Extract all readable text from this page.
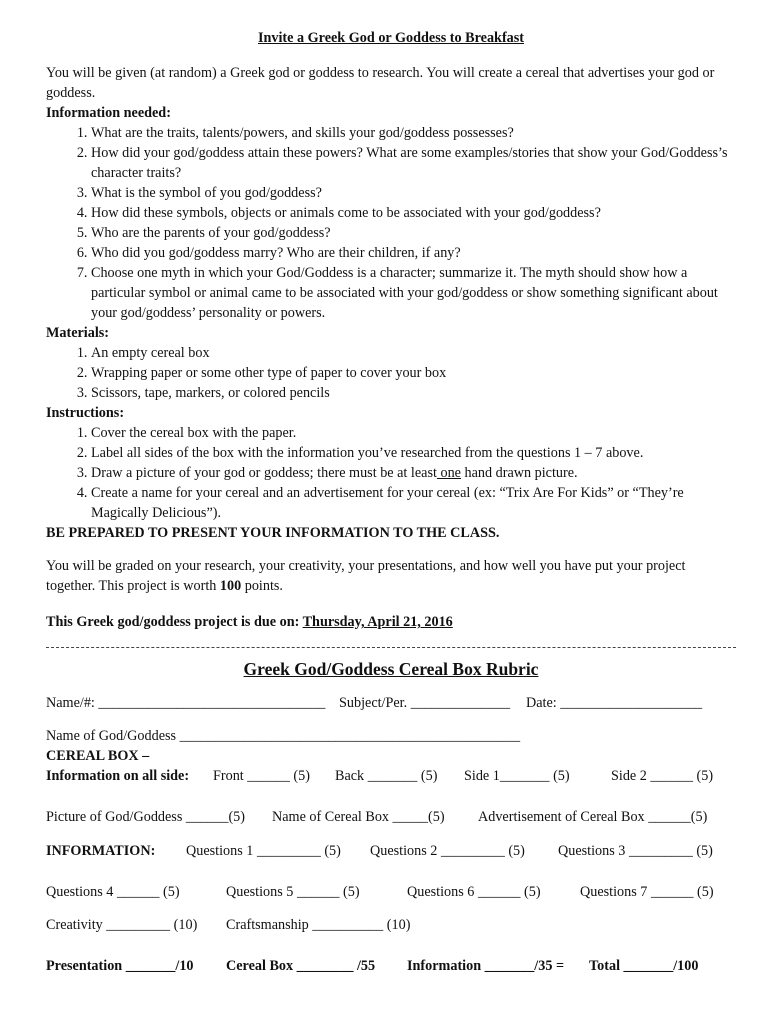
Invite a Greek God or Goddess to Breakfast

You will be given (at random) a Greek god or goddess to research. You will create a cereal that advertises your god or goddess.

Information needed:
1. What are the traits, talents/powers, and skills your god/goddess possesses?
2. How did your god/goddess attain these powers? What are some examples/stories that show your God/Goddess’s character traits?
3. What is the symbol of you god/goddess?
4. How did these symbols, objects or animals come to be associated with your god/goddess?
5. Who are the parents of your god/goddess?
6. Who did you god/goddess marry? Who are their children, if any?
7. Choose one myth in which your God/Goddess is a character; summarize it. The myth should show how a particular symbol or animal came to be associated with your god/goddess or show something significant about your god/goddess’ personality or powers.
Materials:
1. An empty cereal box
2. Wrapping paper or some other type of paper to cover your box
3. Scissors, tape, markers, or colored pencils
Instructions:
1. Cover the cereal box with the paper.
2. Label all sides of the box with the information you’ve researched from the questions 1 – 7 above.
3. Draw a picture of your god or goddess; there must be at least one hand drawn picture.
4. Create a name for your cereal and an advertisement for your cereal (ex: “Trix Are For Kids” or “They’re Magically Delicious”).
BE PREPARED TO PRESENT YOUR INFORMATION TO THE CLASS.

You will be graded on your research, your creativity, your presentations, and how well you have put your project together. This project is worth 100 points.

This Greek god/goddess project is due on: Thursday, April 21, 2016

Greek God/Goddess Cereal Box Rubric
Name/#: ________________________________ Subject/Per. ______________ Date: ____________________
Name of God/Goddess ________________________________________________
CEREAL BOX –
Information on all side: Front ______ (5) Back _______ (5) Side 1_______ (5)	Side 2 ______ (5)
Picture of God/Goddess ______(5) Name of Cereal Box _____(5) Advertisement of Cereal Box ______(5)
INFORMATION: Questions 1 _________ (5) Questions 2 _________ (5) Questions 3 _________ (5)
Questions 4 ______ (5)	Questions 5 ______ (5)	Questions 6 ______ (5)	Questions 7 ______ (5)
Creativity _________ (10) Craftsmanship __________ (10)
Presentation _______/10 Cereal Box ________ /55 Information _______/35 = Total _______/100
